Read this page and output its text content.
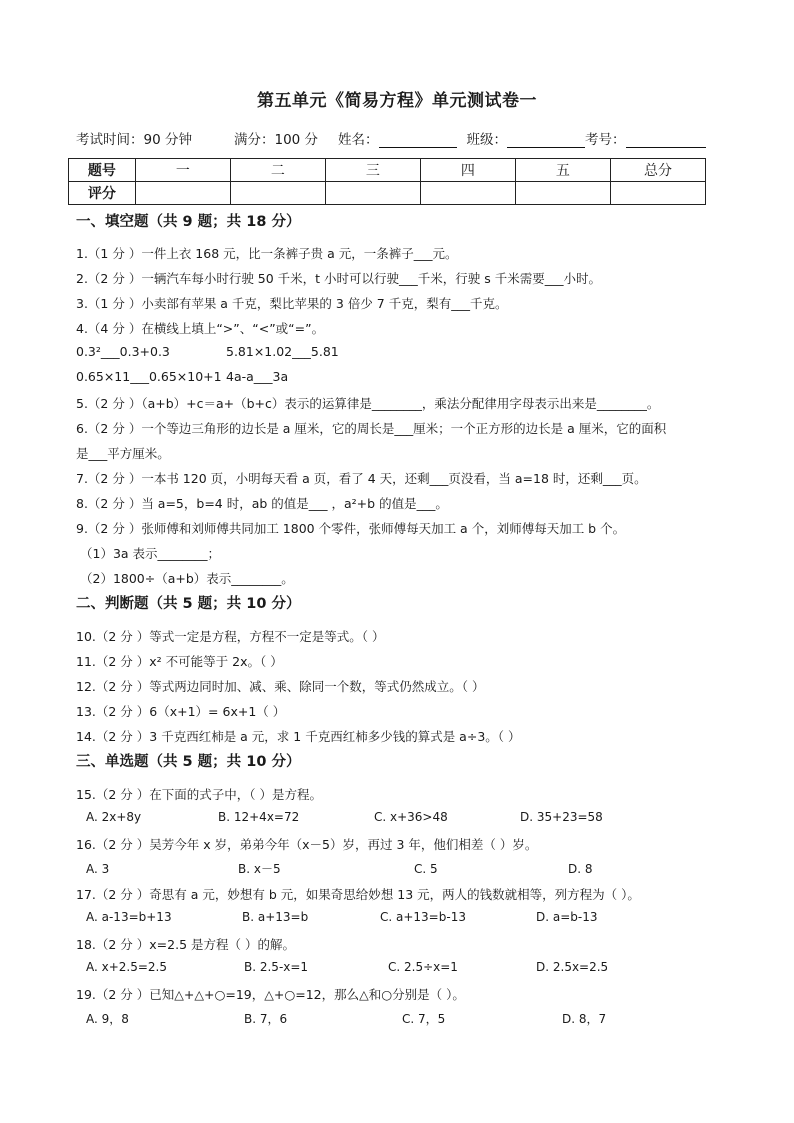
第五单元《简易方程》单元测试卷一
考试时间：90 分钟	满分：100 分 姓名：	班级：	考号：
题号	一	二	三	四	五	总分
评分						
一、填空题（共 9 题；共 18 分）
1.（1 分 ）一件上衣 168 元，比一条裤子贵 a 元，一条裤子___元。
2.（2 分 ）一辆汽车每小时行驶 50 千米，t 小时可以行驶___千米，行驶 s 千米需要___小时。
3.（1 分 ）小卖部有苹果 a 千克，梨比苹果的 3 倍少 7 千克，梨有___千克。
4.（4 分 ）在横线上填上“>”、“<”或“=”。
0.3²___0.3+0.3	5.81×1.02___5.81
0.65×11___0.65×10+1 4a-a___3a
5.（2 分 ）（a+b）+c＝a+（b+c）表示的运算律是________，乘法分配律用字母表示出来是________。
6.（2 分 ）一个等边三角形的边长是 a 厘米，它的周长是___厘米；一个正方形的边长是 a 厘米，它的面积
是___平方厘米。
7.（2 分 ）一本书 120 页，小明每天看 a 页，看了 4 天，还剩___页没看，当 a=18 时，还剩___页。
8.（2 分 ）当 a=5，b=4 时，ab 的值是___ ，a²+b 的值是___。
9.（2 分 ）张师傅和刘师傅共同加工 1800 个零件，张师傅每天加工 a 个，刘师傅每天加工 b 个。
（1）3a 表示________；
（2）1800÷（a+b）表示________。
二、判断题（共 5 题；共 10 分）
10.（2 分 ）等式一定是方程，方程不一定是等式。（ ）
11.（2 分 ）x² 不可能等于 2x。（ ）
12.（2 分 ）等式两边同时加、减、乘、除同一个数，等式仍然成立。（ ）
13.（2 分 ）6（x+1）= 6x+1（ ）
14.（2 分 ）3 千克西红柿是 a 元，求 1 千克西红柿多少钱的算式是 a÷3。（ ）
三、单选题（共 5 题；共 10 分）
15.（2 分 ）在下面的式子中，（ ）是方程。
A. 2x+8y	B. 12+4x=72	C. x+36>48	D. 35+23=58
16.（2 分 ）吴芳今年 x 岁，弟弟今年（x－5）岁，再过 3 年，他们相差（ ）岁。
A. 3	B. x－5	C. 5	D. 8
17.（2 分 ）奇思有 a 元，妙想有 b 元，如果奇思给妙想 13 元，两人的钱数就相等，列方程为（ ）。
A. a-13=b+13	B. a+13=b	C. a+13=b-13	D. a=b-13
18.（2 分 ）x=2.5 是方程（ ）的解。
A. x+2.5=2.5	B. 2.5-x=1	C. 2.5÷x=1	D. 2.5x=2.5
19.（2 分 ）已知△+△+○=19，△+○=12，那么△和○分别是（ ）。
A. 9，8	B. 7，6	C. 7，5	D. 8，7
